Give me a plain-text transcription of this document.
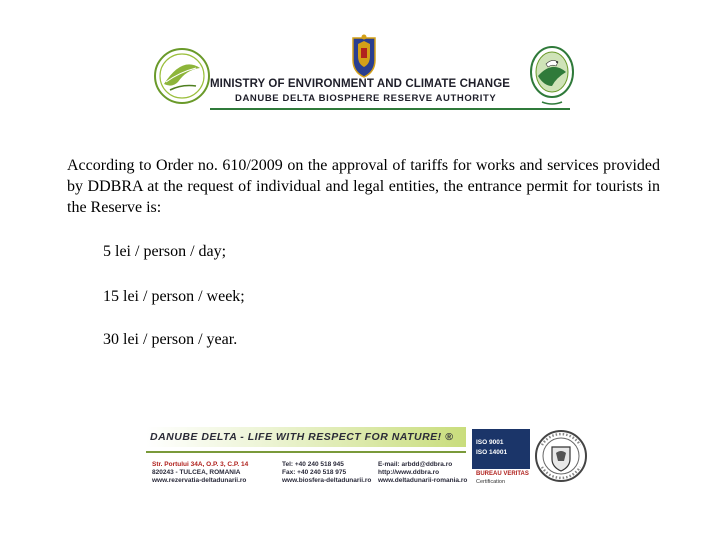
MINISTRY OF ENVIRONMENT AND CLIMATE CHANGE
DANUBE DELTA BIOSPHERE RESERVE AUTHORITY

According to Order no. 610/2009 on the approval of tariffs for works and services provided by DDBRA at the request of individual and legal entities, the entrance permit for tourists in the Reserve is:

5 lei / person / day;
15 lei / person / week;
30 lei / person / year.
DANUBE DELTA - LIFE WITH RESPECT FOR NATURE! ®
Str. Portului 34A, O.P. 3, C.P. 14
820243 - TULCEA, ROMANIA
www.rezervatia-deltadunarii.ro
Tel: +40 240 518 945
Fax: +40 240 518 975
www.biosfera-deltadunarii.ro
E-mail: arbdd@ddbra.ro
http://www.ddbra.ro
www.deltadunarii-romania.ro
ISO 9001
ISO 14001
BUREAU VERITAS
Certification
